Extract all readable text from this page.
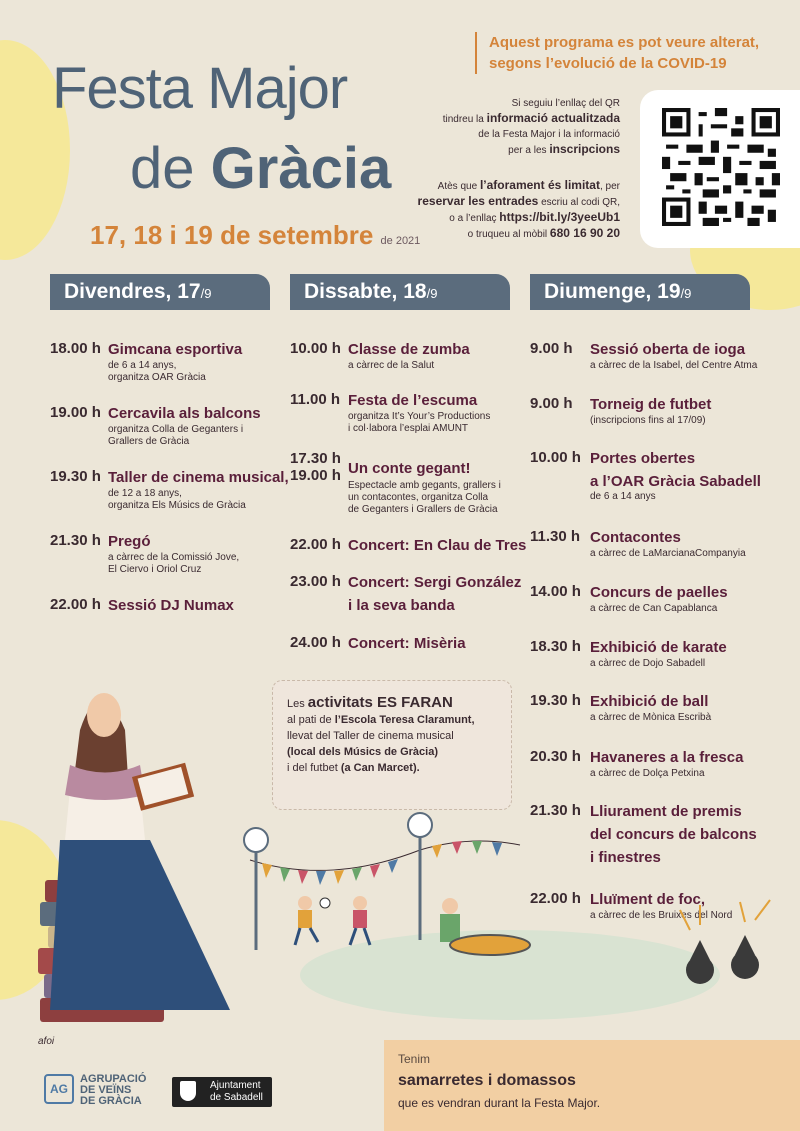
Festa Major
de Gràcia
17, 18 i 19 de setembre de 2021
Aquest programa es pot veure alterat,
segons l’evolució de la COVID-19
Si seguiu l’enllaç del QR
tindreu la informació actualitzada
de la Festa Major i la informació
per a les inscripcions
Atès que l’aforament és limitat, per
reservar les entrades escriu al codi QR,
o a l’enllaç https://bit.ly/3yeeUb1
o truqueu al mòbil 680 16 90 20
Divendres, 17/9	Dissabte, 18/9	Diumenge, 19/9
18.00 h Gimcana esportiva
de 6 a 14 anys,
organitza OAR Gràcia
19.00 h Cercavila als balcons
organitza Colla de Geganters i
Grallers de Gràcia
19.30 h Taller de cinema musical,
de 12 a 18 anys,
organitza Els Músics de Gràcia
21.30 h Pregó
a càrrec de la Comissió Jove,
El Ciervo i Oriol Cruz
22.00 h Sessió DJ Numax
10.00 h Classe de zumba
a càrrec de la Salut
11.00 h Festa de l’escuma
organitza It’s Your’s Productions
i col·labora l’esplai AMUNT
17.30 h
19.00 h Un conte gegant!
Espectacle amb gegants, grallers i
un contacontes, organitza Colla
de Geganters i Grallers de Gràcia
22.00 h Concert: En Clau de Tres
23.00 h Concert: Sergi González
i la seva banda
24.00 h Concert: Misèria
9.00 h Sessió oberta de ioga
a càrrec de la Isabel, del Centre Atma
9.00 h Torneig de futbet
(inscripcions fins al 17/09)
10.00 h Portes obertes
a l’OAR Gràcia Sabadell
de 6 a 14 anys
11.30 h Contacontes
a càrrec de LaMarcianaCompanyia
14.00 h Concurs de paelles
a càrrec de Can Capablanca
18.30 h Exhibició de karate
a càrrec de Dojo Sabadell
19.30 h Exhibició de ball
a càrrec de Mònica Escribà
20.30 h Havaneres a la fresca
a càrrec de Dolça Petxina
21.30 h Lliurament de premis
del concurs de balcons
i finestres
22.00 h Lluïment de foc,
a càrrec de les Bruixes del Nord
Les activitats ES FARAN
al pati de l’Escola Teresa Claramunt,
llevat del Taller de cinema musical
(local dels Músics de Gràcia)
i del futbet (a Can Marcet).
afoi
Tenim
samarretes i domassos
que es vendran durant la Festa Major.
AG
AGRUPACIÓ
DE VEÏNS
DE GRÀCIA
Ajuntament
de Sabadell
